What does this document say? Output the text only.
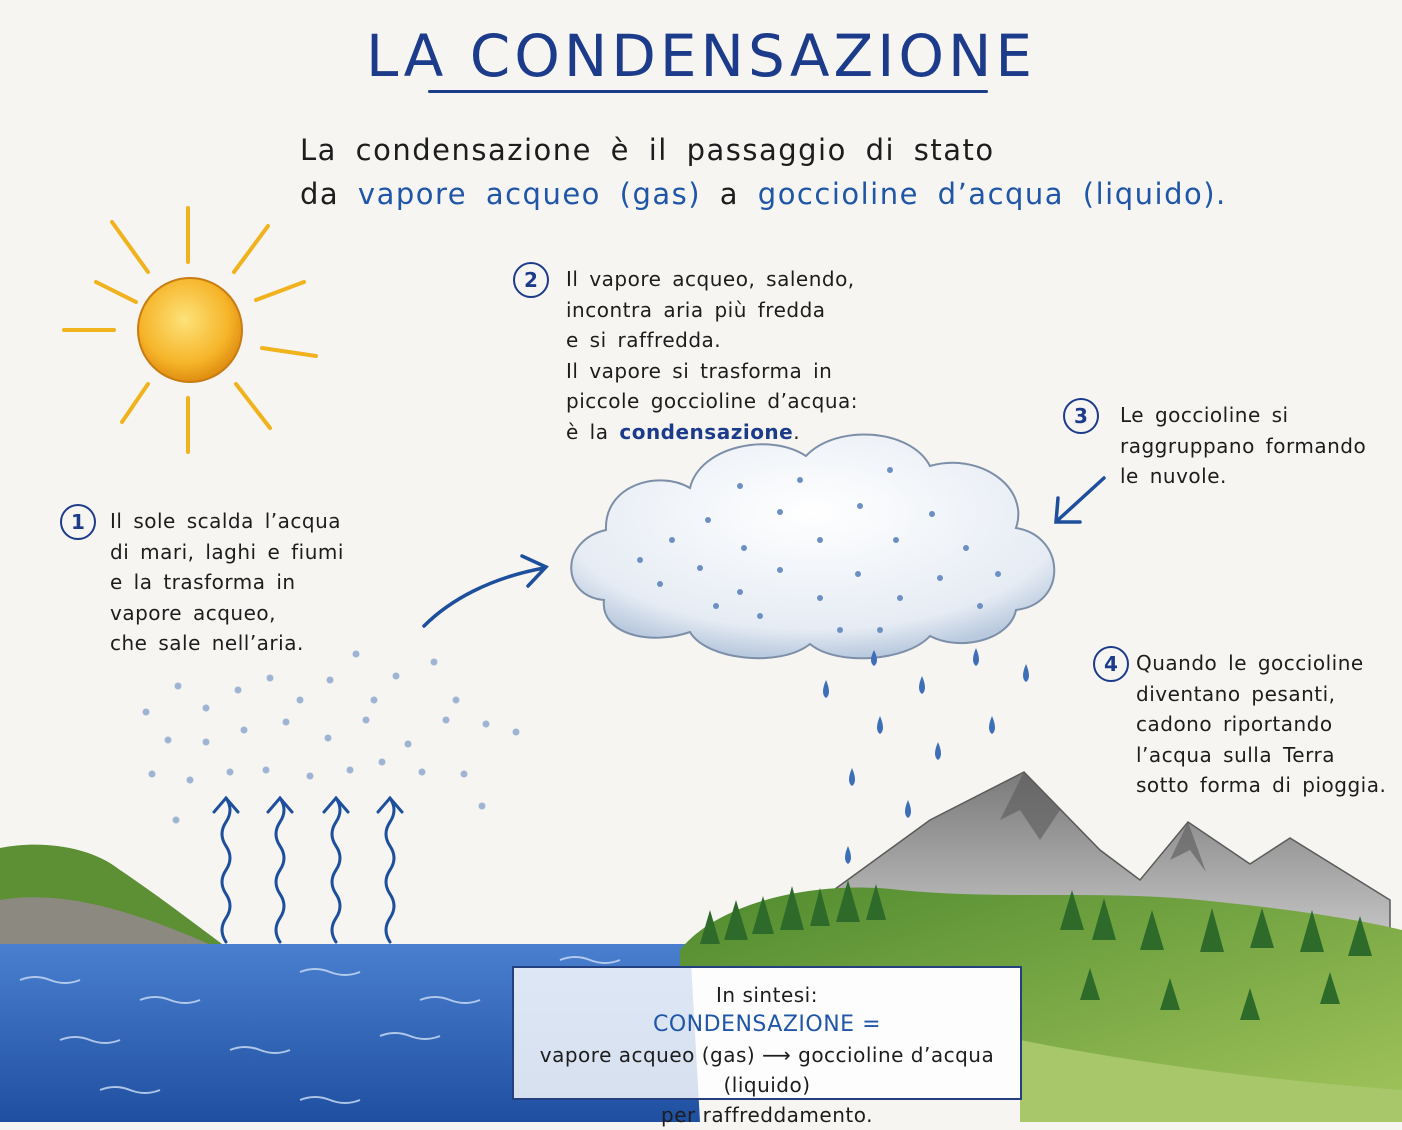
LA CONDENSAZIONE
La condensazione è il passaggio di stato
da vapore acqueo (gas) a goccioline d’acqua (liquido).
1	Il sole scalda l’acqua
di mari, laghi e fiumi
e la trasforma in
vapore acqueo,
che sale nell’aria.
2	Il vapore acqueo, salendo,
incontra aria più fredda
e si raffredda.
Il vapore si trasforma in
piccole goccioline d’acqua:
è la condensazione.
3	Le goccioline si
raggruppano formando
le nuvole.
4 Quando le goccioline
diventano pesanti,
cadono riportando
l’acqua sulla Terra
sotto forma di pioggia.
In sintesi:
CONDENSAZIONE =
vapore acqueo (gas) ⟶ goccioline d’acqua (liquido)
per raffreddamento.
